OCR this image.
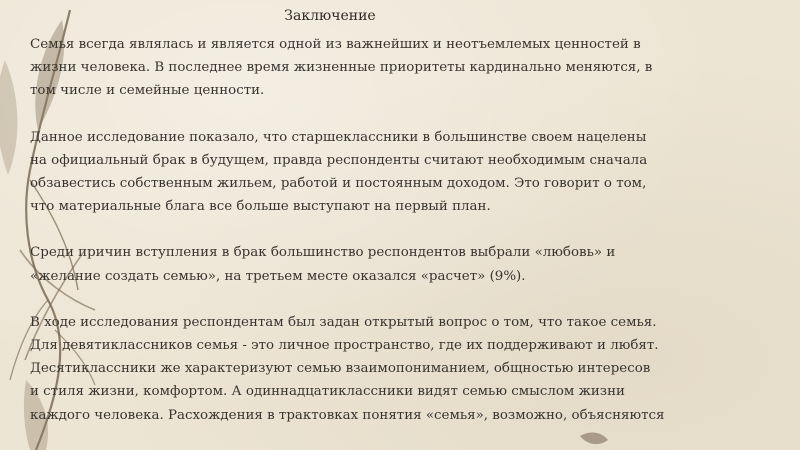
Заключение
Семья всегда являлась и является одной из важнейших и неотъемлемых ценностей в
жизни человека. В последнее время жизненные приоритеты кардинально меняются, в
том числе и семейные ценности.
Данное исследование показало, что старшеклассники в большинстве своем нацелены
на официальный брак в будущем, правда респонденты считают необходимым сначала
обзавестись собственным жильем, работой и постоянным доходом. Это говорит о том,
что материальные блага все больше выступают на первый план.
Среди причин вступления в брак большинство респондентов выбрали «любовь» и
«желание создать семью», на третьем месте оказался «расчет» (9%).
В ходе исследования респондентам был задан открытый вопрос о том, что такое семья.
Для девятиклассников семья - это личное пространство, где их поддерживают и любят.
Десятиклассники же характеризуют семью взаимопониманием, общностью интересов
и стиля жизни, комфортом. А одиннадцатиклассники видят семью смыслом жизни
каждого человека. Расхождения в трактовках понятия «семья», возможно, объясняются
